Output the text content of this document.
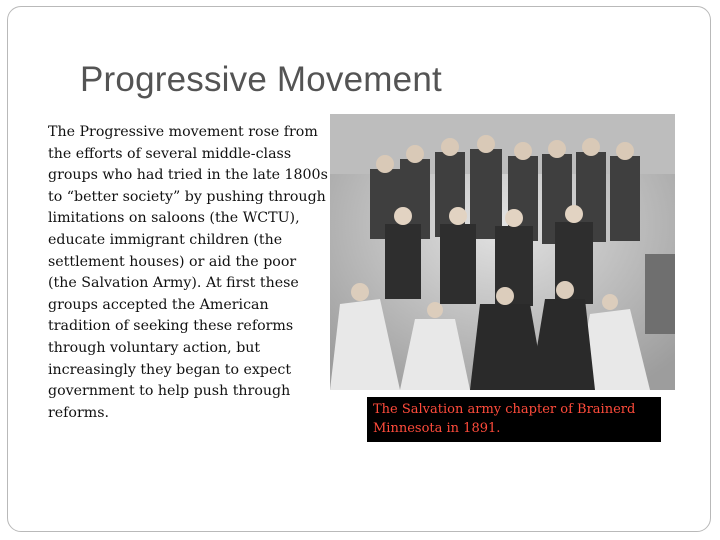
Progressive Movement
The Progressive movement rose from the efforts of several middle-class groups who had tried in the late 1800s to “better society” by pushing through limitations on saloons (the WCTU), educate immigrant children (the settlement houses) or aid the poor (the Salvation Army). At first these groups accepted the American tradition of seeking these reforms through voluntary action, but increasingly they began to expect government to help push through reforms.	The Salvation army chapter of Brainerd Minnesota in 1891.
